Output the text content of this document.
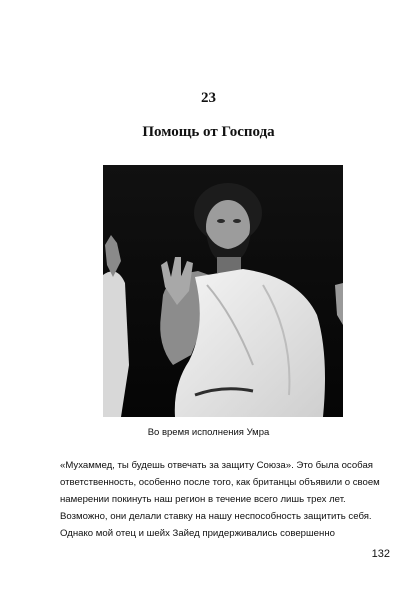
23
Помощь от Господа
Во время исполнения Умра

«Мухаммед, ты будешь отвечать за защиту Союза». Это была особая
ответственность, особенно после того, как британцы объявили о своем
намерении покинуть наш регион в течение всего лишь трех лет.
Возможно, они делали ставку на нашу неспособность защитить себя.
Однако мой отец и шейх Зайед придерживались совершенно

132
